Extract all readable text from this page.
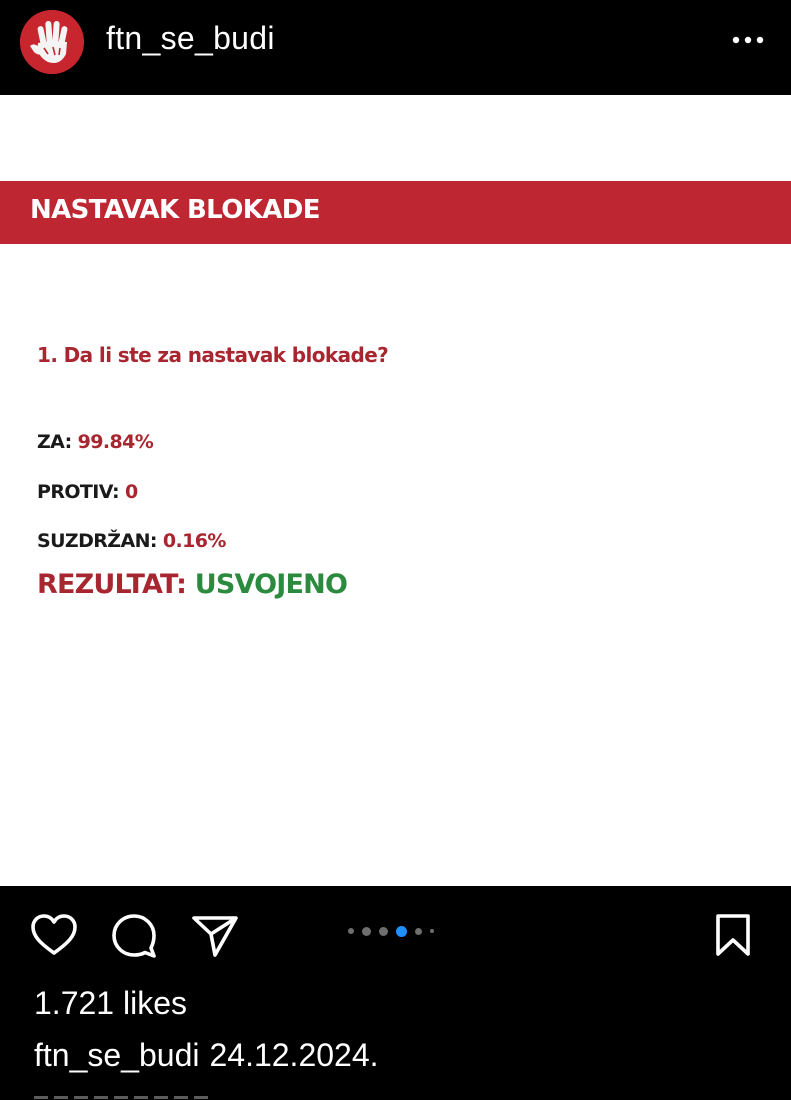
ftn_se_budi
NASTAVAK BLOKADE
1. Da li ste za nastavak blokade?
ZA: 99.84%
PROTIV: 0
SUZDRŽAN: 0.16%
REZULTAT: USVOJENO
1.721 likes
ftn_se_budi 24.12.2024.
